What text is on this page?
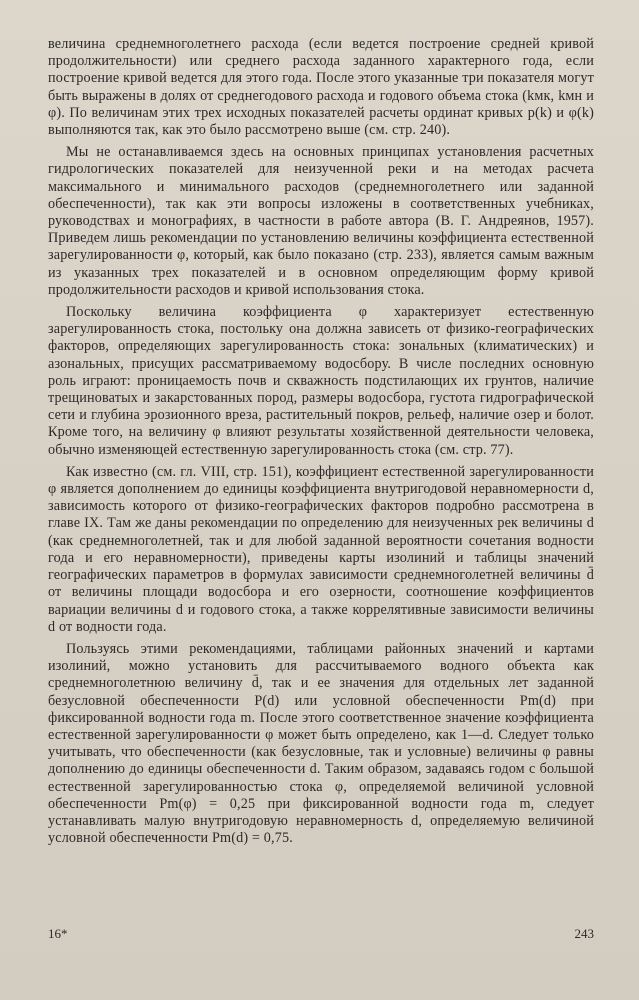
величина среднемноголетнего расхода (если ведется построение средней кривой продолжительности) или среднего расхода заданного характерного года, если построение кривой ведется для этого года. После этого указанные три показателя могут быть выражены в долях от среднегодового расхода и годового объема стока (kмк, kмн и φ). По величинам этих трех исходных показателей расчеты ординат кривых p(k) и φ(k) выполняются так, как это было рассмотрено выше (см. стр. 240).

Мы не останавливаемся здесь на основных принципах установления расчетных гидрологических показателей для неизученной реки и на методах расчета максимального и минимального расходов (среднемноголетнего или заданной обеспеченности), так как эти вопросы изложены в соответственных учебниках, руководствах и монографиях, в частности в работе автора (В. Г. Андреянов, 1957). Приведем лишь рекомендации по установлению величины коэффициента естественной зарегулированности φ, который, как было показано (стр. 233), является самым важным из указанных трех показателей и в основном определяющим форму кривой продолжительности расходов и кривой использования стока.

Поскольку величина коэффициента φ характеризует естественную зарегулированность стока, постольку она должна зависеть от физико-географических факторов, определяющих зарегулированность стока: зональных (климатических) и азональных, присущих рассматриваемому водосбору. В числе последних основную роль играют: проницаемость почв и скважность подстилающих их грунтов, наличие трещиноватых и закарстованных пород, размеры водосбора, густота гидрографической сети и глубина эрозионного вреза, растительный покров, рельеф, наличие озер и болот. Кроме того, на величину φ влияют результаты хозяйственной деятельности человека, обычно изменяющей естественную зарегулированность стока (см. стр. 77).

Как известно (см. гл. VIII, стр. 151), коэффициент естественной зарегулированности φ является дополнением до единицы коэффициента внутригодовой неравномерности d, зависимость которого от физико-географических факторов подробно рассмотрена в главе IX. Там же даны рекомендации по определению для неизученных рек величины d (как среднемноголетней, так и для любой заданной вероятности сочетания водности года и его неравномерности), приведены карты изолиний и таблицы значений географических параметров в формулах зависимости среднемноголетней величины d̄ от величины площади водосбора и его озерности, соотношение коэффициентов вариации величины d и годового стока, а также коррелятивные зависимости величины d от водности года.

Пользуясь этими рекомендациями, таблицами районных значений и картами изолиний, можно установить для рассчитываемого водного объекта как среднемноголетнюю величину d̄, так и ее значения для отдельных лет заданной безусловной обеспеченности P(d) или условной обеспеченности Pm(d) при фиксированной водности года m. После этого соответственное значение коэффициента естественной зарегулированности φ может быть определено, как 1—d. Следует только учитывать, что обеспеченности (как безусловные, так и условные) величины φ равны дополнению до единицы обеспеченности d. Таким образом, задаваясь годом с большой естественной зарегулированностью стока φ, определяемой величиной условной обеспеченности Pm(φ) = 0,25 при фиксированной водности года m, следует устанавливать малую внутригодовую неравномерность d, определяемую величиной условной обеспеченности Pm(d) = 0,75.

16*	243
